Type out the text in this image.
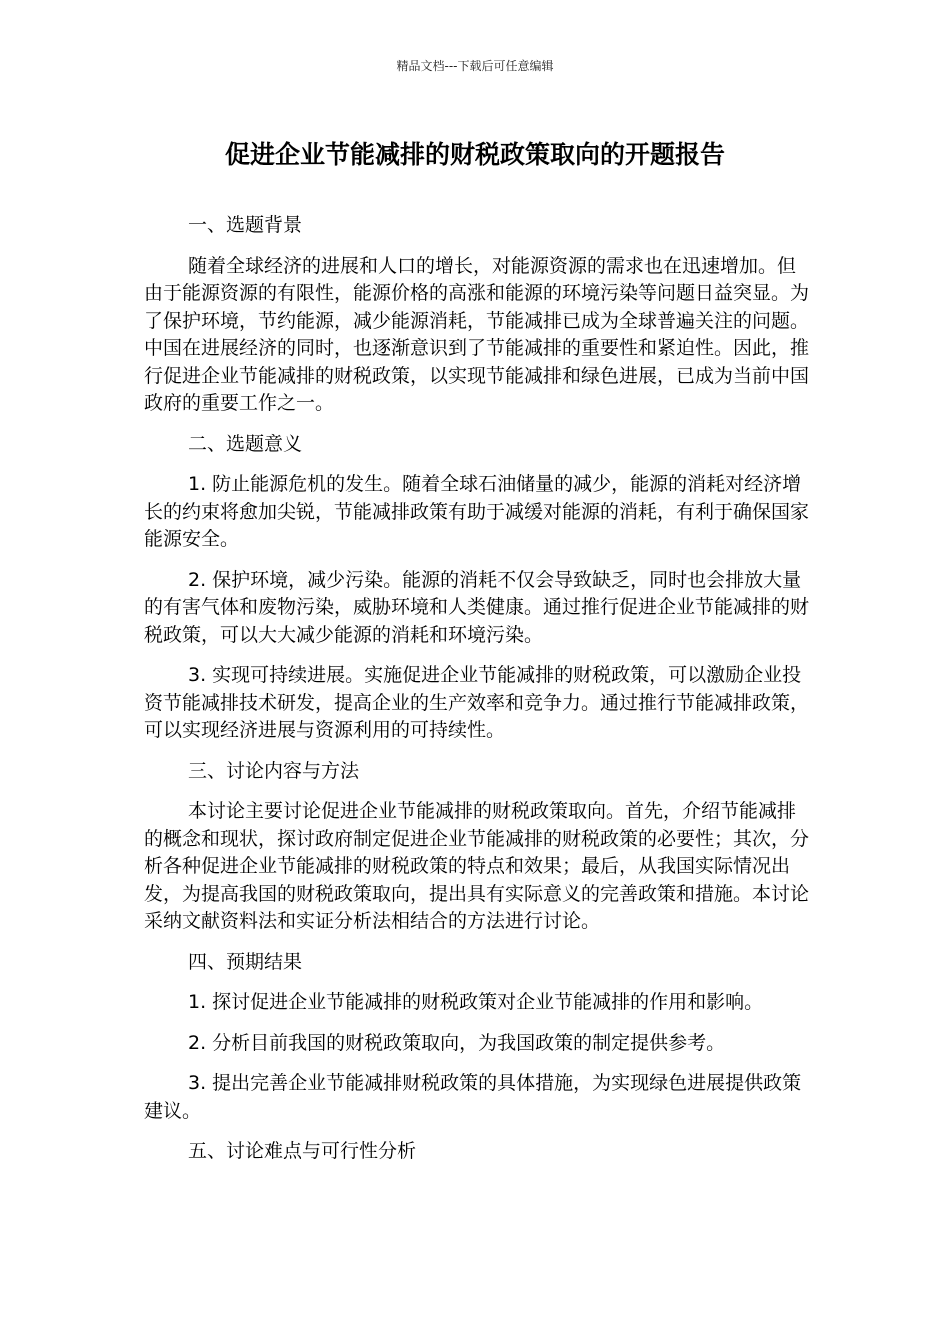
精品文档---下载后可任意编辑
促进企业节能减排的财税政策取向的开题报告

一、选题背景

随着全球经济的进展和人口的增长，对能源资源的需求也在迅速增加。但由于能源资源的有限性，能源价格的高涨和能源的环境污染等问题日益突显。为了保护环境，节约能源，减少能源消耗，节能减排已成为全球普遍关注的问题。中国在进展经济的同时，也逐渐意识到了节能减排的重要性和紧迫性。因此，推行促进企业节能减排的财税政策，以实现节能减排和绿色进展，已成为当前中国政府的重要工作之一。

二、选题意义

1. 防止能源危机的发生。随着全球石油储量的减少，能源的消耗对经济增长的约束将愈加尖锐，节能减排政策有助于减缓对能源的消耗，有利于确保国家能源安全。

2. 保护环境，减少污染。能源的消耗不仅会导致缺乏，同时也会排放大量的有害气体和废物污染，威胁环境和人类健康。通过推行促进企业节能减排的财税政策，可以大大减少能源的消耗和环境污染。

3. 实现可持续进展。实施促进企业节能减排的财税政策，可以激励企业投资节能减排技术研发，提高企业的生产效率和竞争力。通过推行节能减排政策，可以实现经济进展与资源利用的可持续性。

三、讨论内容与方法

本讨论主要讨论促进企业节能减排的财税政策取向。首先，介绍节能减排的概念和现状，探讨政府制定促进企业节能减排的财税政策的必要性；其次，分析各种促进企业节能减排的财税政策的特点和效果；最后，从我国实际情况出发，为提高我国的财税政策取向，提出具有实际意义的完善政策和措施。本讨论采纳文献资料法和实证分析法相结合的方法进行讨论。

四、预期结果

1. 探讨促进企业节能减排的财税政策对企业节能减排的作用和影响。

2. 分析目前我国的财税政策取向，为我国政策的制定提供参考。

3. 提出完善企业节能减排财税政策的具体措施，为实现绿色进展提供政策建议。

五、讨论难点与可行性分析
